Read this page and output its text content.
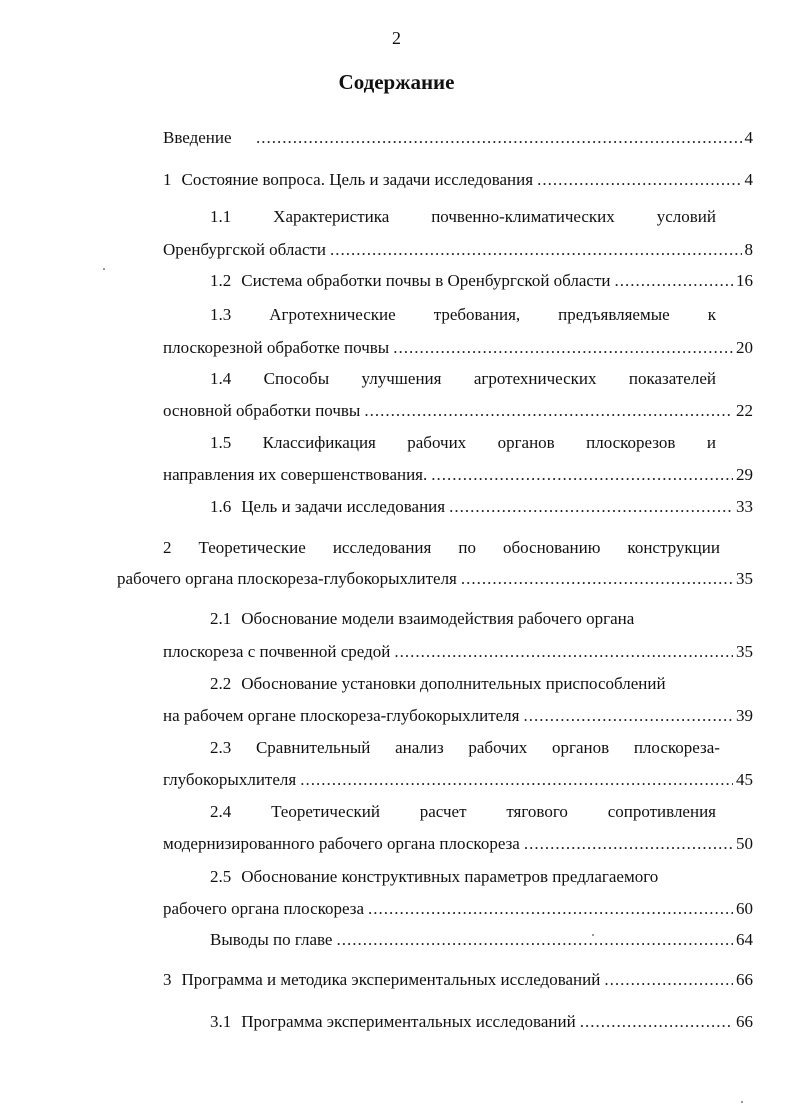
2
Содержание
Введение .....	4
1 Состояние вопроса. Цель и задачи исследования .....	4
1.1 Характеристика почвенно-климатических условий
Оренбургской области .....	8
1.2 Система обработки почвы в Оренбургской области .....	16
1.3 Агротехнические требования, предъявляемые к
плоскорезной обработке почвы .....	20
1.4 Способы улучшения агротехнических показателей
основной обработки почвы .....	22
1.5 Классификация рабочих органов плоскорезов и
направления их совершенствования. .....	29
1.6 Цель и задачи исследования .....	33
2 Теоретические исследования по обоснованию конструкции
рабочего органа плоскореза-глубокорыхлителя .....	35
2.1 Обоснование модели взаимодействия рабочего органа
плоскореза с почвенной средой .....	35
2.2 Обоснование установки дополнительных приспособлений
на рабочем органе плоскореза-глубокорыхлителя .....	39
2.3 Сравнительный анализ рабочих органов плоскореза-
глубокорыхлителя .....	45
2.4 Теоретический расчет тягового сопротивления
модернизированного рабочего органа плоскореза .....	50
2.5 Обоснование конструктивных параметров предлагаемого
рабочего органа плоскореза .....	60
Выводы по главе .....	64
3 Программа и методика экспериментальных исследований .....	66
3.1 Программа экспериментальных исследований .....	66
